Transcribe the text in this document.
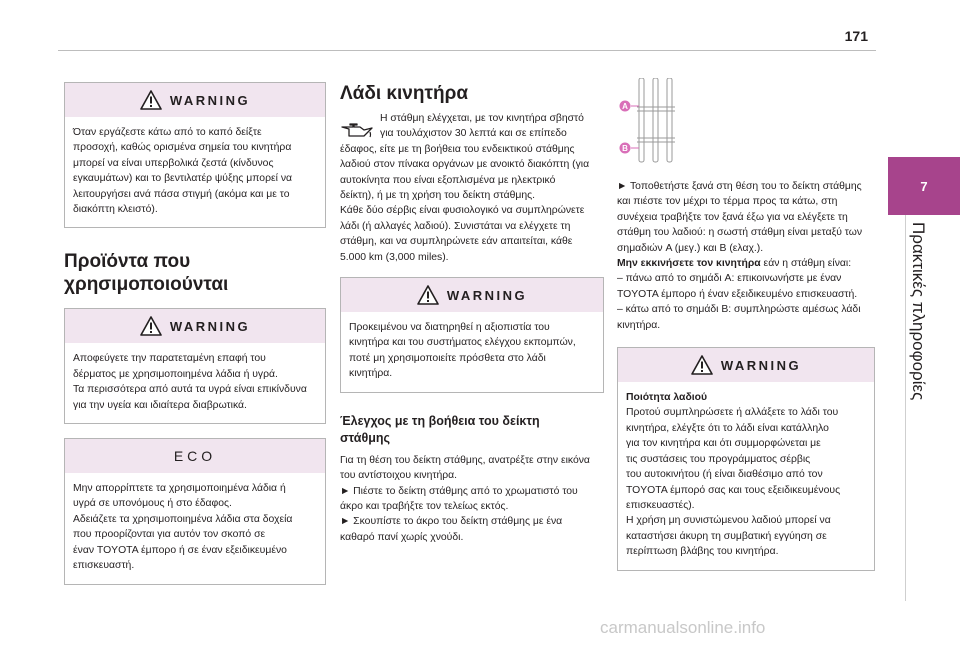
171
7
Πρακτικές πληροφορίες
WARNING

Όταν εργάζεστε κάτω από το καπό δείξτε

προσοχή, καθώς ορισμένα σημεία του κινητήρα

μπορεί να είναι υπερβολικά ζεστά (κίνδυνος

εγκαυμάτων) και το βεντιλατέρ ψύξης μπορεί να

λειτουργήσει ανά πάσα στιγμή (ακόμα και με το

διακόπτη κλειστό).

Προϊόντα που
χρησιμοποιούνται
WARNING

Αποφεύγετε την παρατεταμένη επαφή του

δέρματος με χρησιμοποιημένα λάδια ή υγρά.

Τα περισσότερα από αυτά τα υγρά είναι επικίνδυνα

για την υγεία και ιδιαίτερα διαβρωτικά.

ECO

Μην απορρίπτετε τα χρησιμοποιημένα λάδια ή

υγρά σε υπονόμους ή στο έδαφος.

Αδειάζετε τα χρησιμοποιημένα λάδια στα δοχεία

που προορίζονται για αυτόν τον σκοπό σε

έναν TOYOTA έμπορο ή σε έναν εξειδικευμένο

επισκευαστή.

Λάδι κινητήρα

Η στάθμη ελέγχεται, με τον κινητήρα σβηστό

για τουλάχιστον 30 λεπτά και σε επίπεδο

έδαφος, είτε με τη βοήθεια του ενδεικτικού στάθμης

λαδιού στον πίνακα οργάνων με ανοικτό διακόπτη (για

αυτοκίνητα που είναι εξοπλισμένα με ηλεκτρικό

δείκτη), ή με τη χρήση του δείκτη στάθμης.

Κάθε δύο σέρβις είναι φυσιολογικό να συμπληρώνετε

λάδι (ή αλλαγές λαδιού). Συνιστάται να ελέγχετε τη

στάθμη, και να συμπληρώνετε εάν απαιτείται, κάθε

5.000 km (3,000 miles).

WARNING

Προκειμένου να διατηρηθεί η αξιοπιστία του

κινητήρα και του συστήματος ελέγχου εκπομπών,

ποτέ μη χρησιμοποιείτε πρόσθετα στο λάδι

κινητήρα.

Έλεγχος με τη βοήθεια του δείκτη
στάθμης

Για τη θέση του δείκτη στάθμης, ανατρέξτε στην εικόνα

του αντίστοιχου κινητήρα.

► Πιέστε το δείκτη στάθμης από το χρωματιστό του

άκρο και τραβήξτε τον τελείως εκτός.

► Σκουπίστε το άκρο του δείκτη στάθμης με ένα

καθαρό πανί χωρίς χνούδι.

A
B

► Τοποθετήστε ξανά στη θέση του το δείκτη στάθμης

και πιέστε τον μέχρι το τέρμα προς τα κάτω, στη

συνέχεια τραβήξτε τον ξανά έξω για να ελέγξετε τη

στάθμη του λαδιού: η σωστή στάθμη είναι μεταξύ των

σημαδιών A (μεγ.) και B (ελαχ.).

Μην εκκινήσετε τον κινητήρα εάν η στάθμη είναι:

– πάνω από το σημάδι A: επικοινωνήστε με έναν

TOYOTA έμπορο ή έναν εξειδικευμένο επισκευαστή.

– κάτω από το σημάδι B: συμπληρώστε αμέσως λάδι

κινητήρα.

WARNING

Ποιότητα λαδιού

Προτού συμπληρώσετε ή αλλάξετε το λάδι του

κινητήρα, ελέγξτε ότι το λάδι είναι κατάλληλο

για τον κινητήρα και ότι συμμορφώνεται με

τις συστάσεις του προγράμματος σέρβις

του αυτοκινήτου (ή είναι διαθέσιμο από τον

TOYOTA έμπορό σας και τους εξειδικευμένους

επισκευαστές).

Η χρήση μη συνιστώμενου λαδιού μπορεί να

καταστήσει άκυρη τη συμβατική εγγύηση σε

περίπτωση βλάβης του κινητήρα.

carmanualsonline.info
